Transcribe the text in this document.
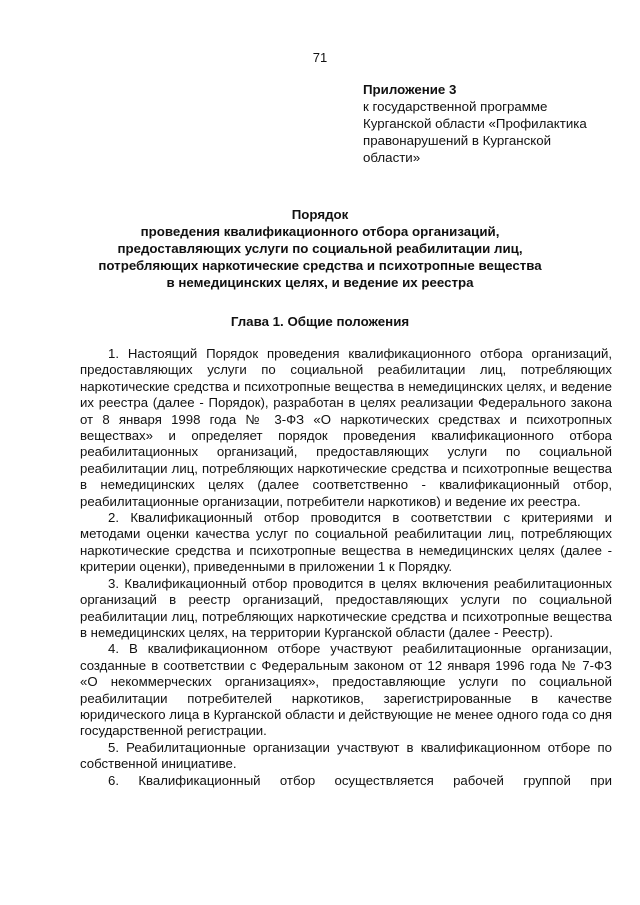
71
Приложение 3
к государственной программе
Курганской области «Профилактика
правонарушений в Курганской
области»
Порядок
проведения квалификационного отбора организаций,
предоставляющих услуги по социальной реабилитации лиц,
потребляющих наркотические средства и психотропные вещества
в немедицинских целях, и ведение их реестра
Глава 1. Общие положения

1. Настоящий Порядок проведения квалификационного отбора организаций, предоставляющих услуги по социальной реабилитации лиц, потребляющих наркотические средства и психотропные вещества в немедицинских целях, и ведение их реестра (далее - Порядок), разработан в целях реализации Федерального закона от 8 января 1998 года № 3-ФЗ «О наркотических средствах и психотропных веществах» и определяет порядок проведения квалификационного отбора реабилитационных организаций, предоставляющих услуги по социальной реабилитации лиц, потребляющих наркотические средства и психотропные вещества в немедицинских целях (далее соответственно - квалификационный отбор, реабилитационные организации, потребители наркотиков) и ведение их реестра.

2. Квалификационный отбор проводится в соответствии с критериями и методами оценки качества услуг по социальной реабилитации лиц, потребляющих наркотические средства и психотропные вещества в немедицинских целях (далее - критерии оценки), приведенными в приложении 1 к Порядку.

3. Квалификационный отбор проводится в целях включения реабилитационных организаций в реестр организаций, предоставляющих услуги по социальной реабилитации лиц, потребляющих наркотические средства и психотропные вещества в немедицинских целях, на территории Курганской области (далее - Реестр).

4. В квалификационном отборе участвуют реабилитационные организации, созданные в соответствии с Федеральным законом от 12 января 1996 года № 7-ФЗ «О некоммерческих организациях», предоставляющие услуги по социальной реабилитации потребителей наркотиков, зарегистрированные в качестве юридического лица в Курганской области и действующие не менее одного года со дня государственной регистрации.

5. Реабилитационные организации участвуют в квалификационном отборе по собственной инициативе.

6. Квалификационный отбор осуществляется рабочей группой при
